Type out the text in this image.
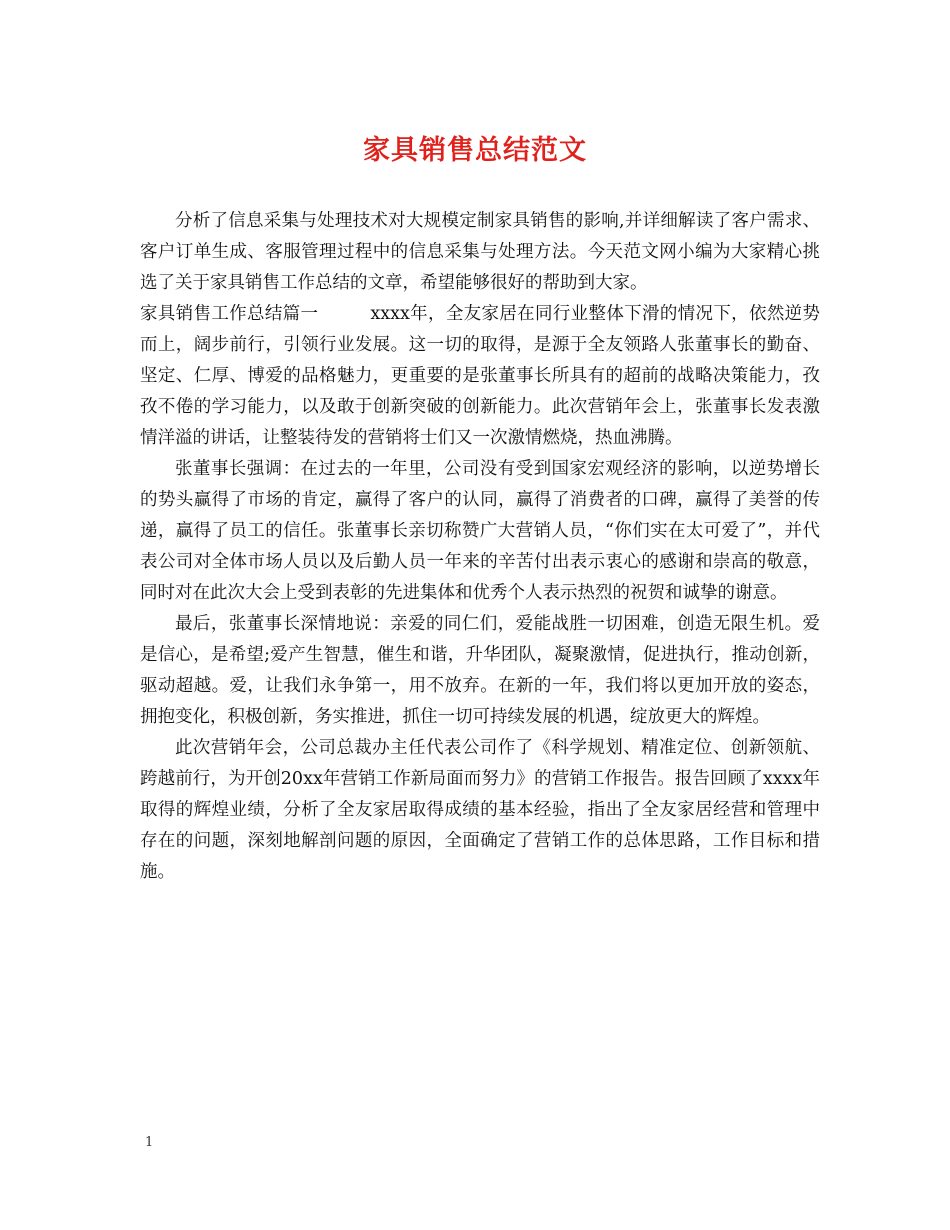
家具销售总结范文

分析了信息采集与处理技术对大规模定制家具销售的影响,并详细解读了客户需求、客户订单生成、客服管理过程中的信息采集与处理方法。今天范文网小编为大家精心挑选了关于家具销售工作总结的文章，希望能够很好的帮助到大家。

家具销售工作总结篇一	xxxx年，全友家居在同行业整体下滑的情况下，依然逆势而上，阔步前行，引领行业发展。这一切的取得，是源于全友领路人张董事长的勤奋、坚定、仁厚、博爱的品格魅力，更重要的是张董事长所具有的超前的战略决策能力，孜孜不倦的学习能力，以及敢于创新突破的创新能力。此次营销年会上，张董事长发表激情洋溢的讲话，让整装待发的营销将士们又一次激情燃烧，热血沸腾。

张董事长强调：在过去的一年里，公司没有受到国家宏观经济的影响，以逆势增长的势头赢得了市场的肯定，赢得了客户的认同，赢得了消费者的口碑，赢得了美誉的传递，赢得了员工的信任。张董事长亲切称赞广大营销人员，“你们实在太可爱了”，并代表公司对全体市场人员以及后勤人员一年来的辛苦付出表示衷心的感谢和崇高的敬意，同时对在此次大会上受到表彰的先进集体和优秀个人表示热烈的祝贺和诚挚的谢意。

最后，张董事长深情地说：亲爱的同仁们，爱能战胜一切困难，创造无限生机。爱是信心，是希望;爱产生智慧，催生和谐，升华团队，凝聚激情，促进执行，推动创新，驱动超越。爱，让我们永争第一，用不放弃。在新的一年，我们将以更加开放的姿态，拥抱变化，积极创新，务实推进，抓住一切可持续发展的机遇，绽放更大的辉煌。

此次营销年会，公司总裁办主任代表公司作了《科学规划、精准定位、创新领航、跨越前行，为开创20xx年营销工作新局面而努力》的营销工作报告。报告回顾了xxxx年取得的辉煌业绩，分析了全友家居取得成绩的基本经验，指出了全友家居经营和管理中存在的问题，深刻地解剖问题的原因，全面确定了营销工作的总体思路，工作目标和措施。

1
